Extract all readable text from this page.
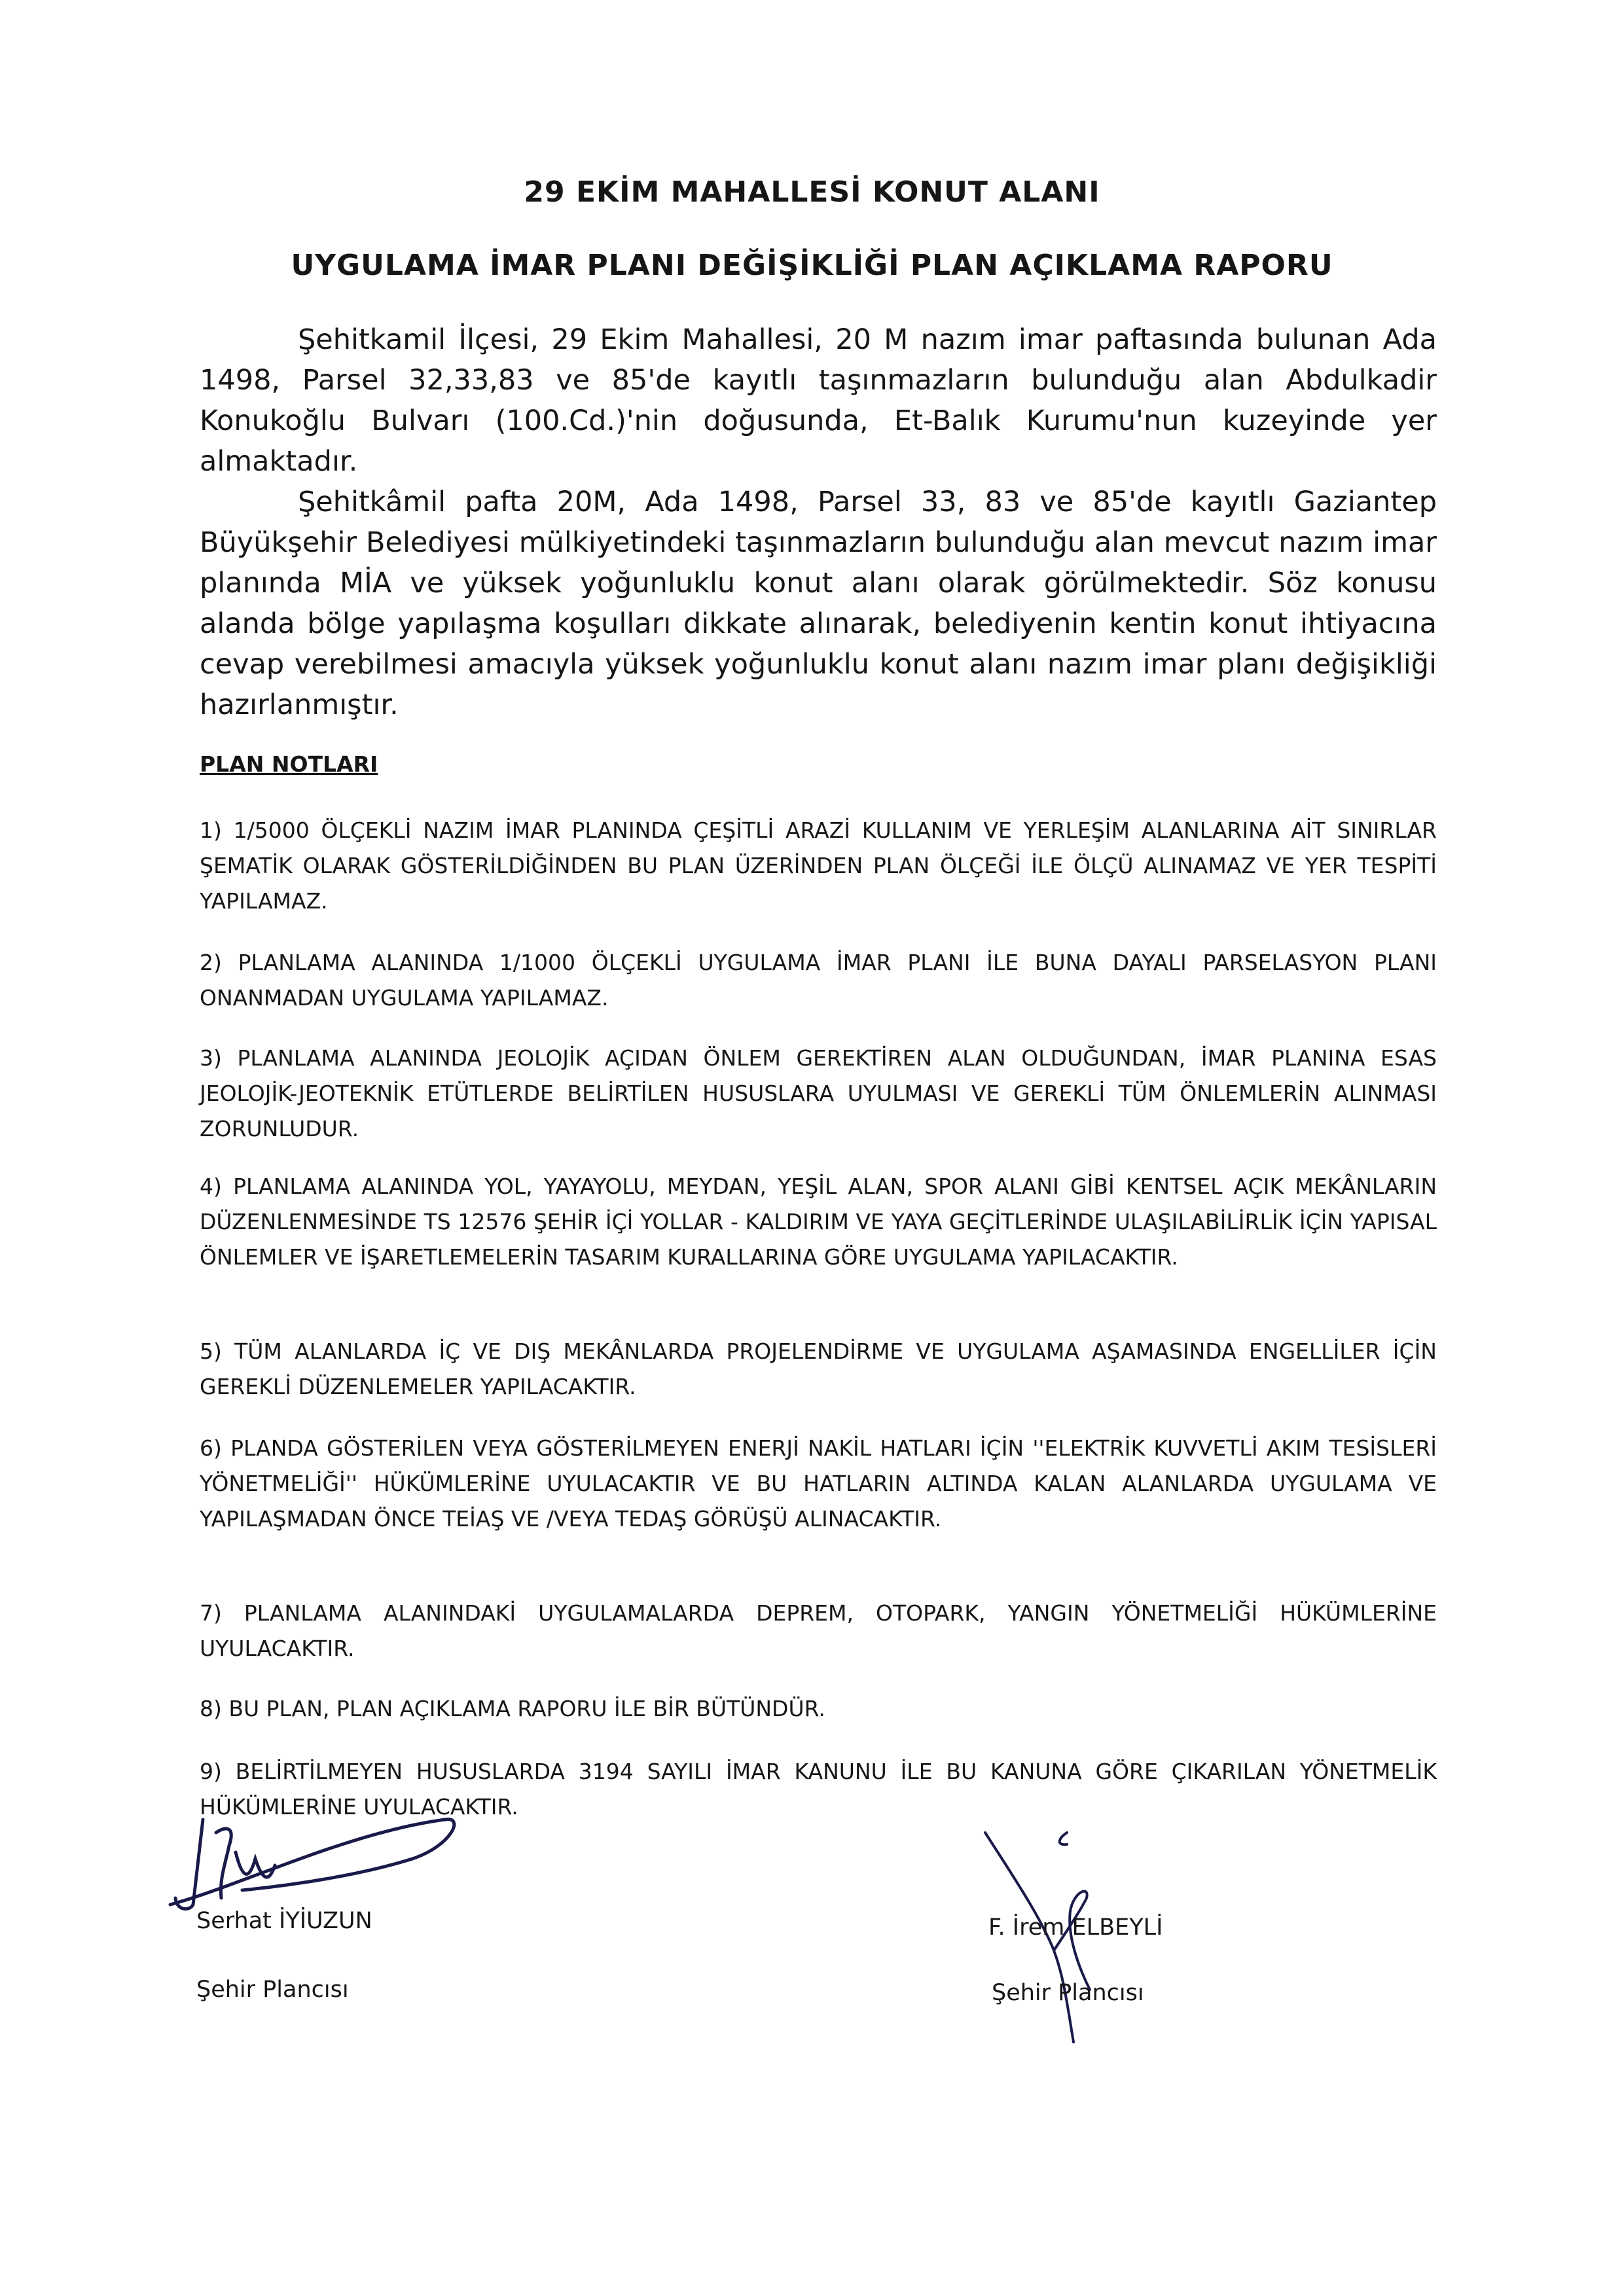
29 EKİM MAHALLESİ KONUT ALANI
UYGULAMA İMAR PLANI DEĞİŞİKLİĞİ PLAN AÇIKLAMA RAPORU

Şehitkamil İlçesi, 29 Ekim Mahallesi, 20 M nazım imar paftasında bulunan Ada 1498, Parsel 32,33,83 ve 85'de kayıtlı taşınmazların bulunduğu alan Abdulkadir Konukoğlu Bulvarı (100.Cd.)'nin doğusunda, Et-Balık Kurumu'nun kuzeyinde yer almaktadır.

Şehitkâmil pafta 20M, Ada 1498, Parsel 33, 83 ve 85'de kayıtlı Gaziantep Büyükşehir Belediyesi mülkiyetindeki taşınmazların bulunduğu alan mevcut nazım imar planında MİA ve yüksek yoğunluklu konut alanı olarak görülmektedir. Söz konusu alanda bölge yapılaşma koşulları dikkate alınarak, belediyenin kentin konut ihtiyacına cevap verebilmesi amacıyla yüksek yoğunluklu konut alanı nazım imar planı değişikliği hazırlanmıştır.

PLAN NOTLARI

1) 1/5000 ÖLÇEKLİ NAZIM İMAR PLANINDA ÇEŞİTLİ ARAZİ KULLANIM VE YERLEŞİM ALANLARINA AİT SINIRLAR ŞEMATİK OLARAK GÖSTERİLDİĞİNDEN BU PLAN ÜZERİNDEN PLAN ÖLÇEĞİ İLE ÖLÇÜ ALINAMAZ VE YER TESPİTİ YAPILAMAZ.

2) PLANLAMA ALANINDA 1/1000 ÖLÇEKLİ UYGULAMA İMAR PLANI İLE BUNA DAYALI PARSELASYON PLANI ONANMADAN UYGULAMA YAPILAMAZ.

3) PLANLAMA ALANINDA JEOLOJİK AÇIDAN ÖNLEM GEREKTİREN ALAN OLDUĞUNDAN, İMAR PLANINA ESAS JEOLOJİK-JEOTEKNİK ETÜTLERDE BELİRTİLEN HUSUSLARA UYULMASI VE GEREKLİ TÜM ÖNLEMLERİN ALINMASI ZORUNLUDUR.

4) PLANLAMA ALANINDA YOL, YAYAYOLU, MEYDAN, YEŞİL ALAN, SPOR ALANI GİBİ KENTSEL AÇIK MEKÂNLARIN DÜZENLENMESİNDE TS 12576 ŞEHİR İÇİ YOLLAR - KALDIRIM VE YAYA GEÇİTLERİNDE ULAŞILABİLİRLİK İÇİN YAPISAL ÖNLEMLER VE İŞARETLEMELERİN TASARIM KURALLARINA GÖRE UYGULAMA YAPILACAKTIR.

5) TÜM ALANLARDA İÇ VE DIŞ MEKÂNLARDA PROJELENDİRME VE UYGULAMA AŞAMASINDA ENGELLİLER İÇİN GEREKLİ DÜZENLEMELER YAPILACAKTIR.

6) PLANDA GÖSTERİLEN VEYA GÖSTERİLMEYEN ENERJİ NAKİL HATLARI İÇİN ''ELEKTRİK KUVVETLİ AKIM TESİSLERİ YÖNETMELİĞİ'' HÜKÜMLERİNE UYULACAKTIR VE BU HATLARIN ALTINDA KALAN ALANLARDA UYGULAMA VE YAPILAŞMADAN ÖNCE TEİAŞ VE /VEYA TEDAŞ GÖRÜŞÜ ALINACAKTIR.

7) PLANLAMA ALANINDAKİ UYGULAMALARDA DEPREM, OTOPARK, YANGIN YÖNETMELİĞİ HÜKÜMLERİNE UYULACAKTIR.

8) BU PLAN, PLAN AÇIKLAMA RAPORU İLE BİR BÜTÜNDÜR.

9) BELİRTİLMEYEN HUSUSLARDA 3194 SAYILI İMAR KANUNU İLE BU KANUNA GÖRE ÇIKARILAN YÖNETMELİK HÜKÜMLERİNE UYULACAKTIR.

Serhat İYİUZUN

Şehir Plancısı

F. İrem ELBEYLİ

Şehir Plancısı
